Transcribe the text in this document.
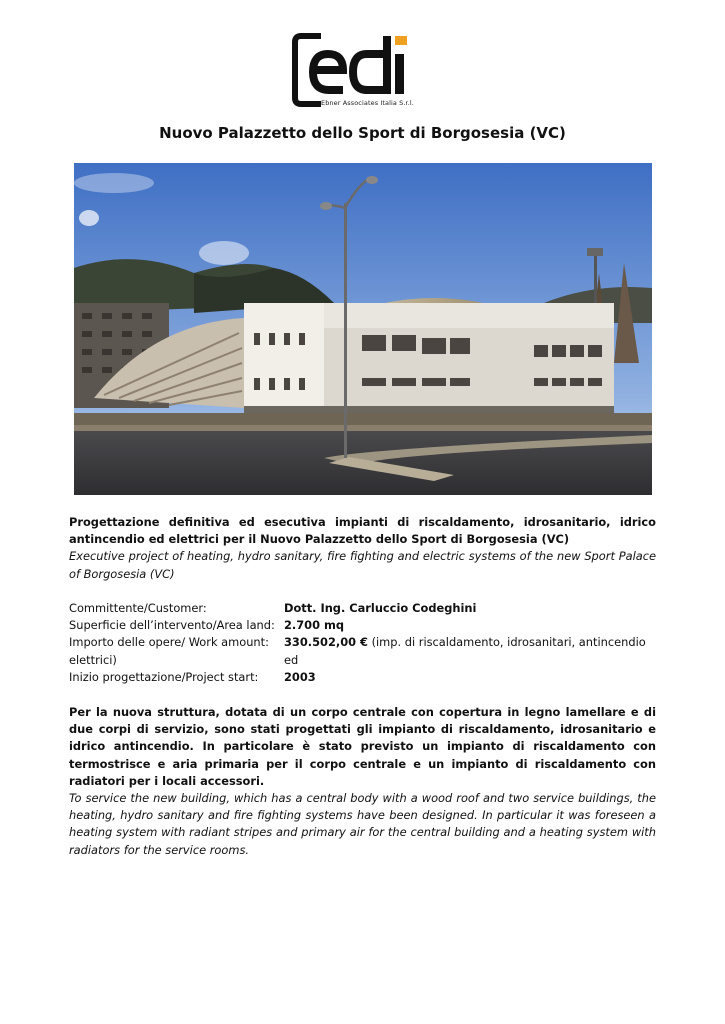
Ebner Associates Italia S.r.l.
Nuovo Palazzetto dello Sport di Borgosesia (VC)
Progettazione definitiva ed esecutiva impianti di riscaldamento, idrosanitario, idrico antincendio ed elettrici per il Nuovo Palazzetto dello Sport di Borgosesia (VC)
Executive project of heating, hydro sanitary, fire fighting and electric systems of the new Sport Palace of Borgosesia (VC)
Committente/Customer:	Dott. Ing. Carluccio Codeghini
Superficie dell’intervento/Area land: 2.700 mq
Importo delle opere/ Work amount: 330.502,00 € (imp. di riscaldamento, idrosanitari, antincendio ed
elettrici)
Inizio progettazione/Project start: 2003
Per la nuova struttura, dotata di un corpo centrale con copertura in legno lamellare e di due corpi di servizio, sono stati progettati gli impianto di riscaldamento, idrosanitario e idrico antincendio. In particolare è stato previsto un impianto di riscaldamento con termostrisce e aria primaria per il corpo centrale e un impianto di riscaldamento con radiatori per i locali accessori.
To service the new building, which has a central body with a wood roof and two service buildings, the heating, hydro sanitary and fire fighting systems have been designed. In particular it was foreseen a heating system with radiant stripes and primary air for the central building and a heating system with radiators for the service rooms.
